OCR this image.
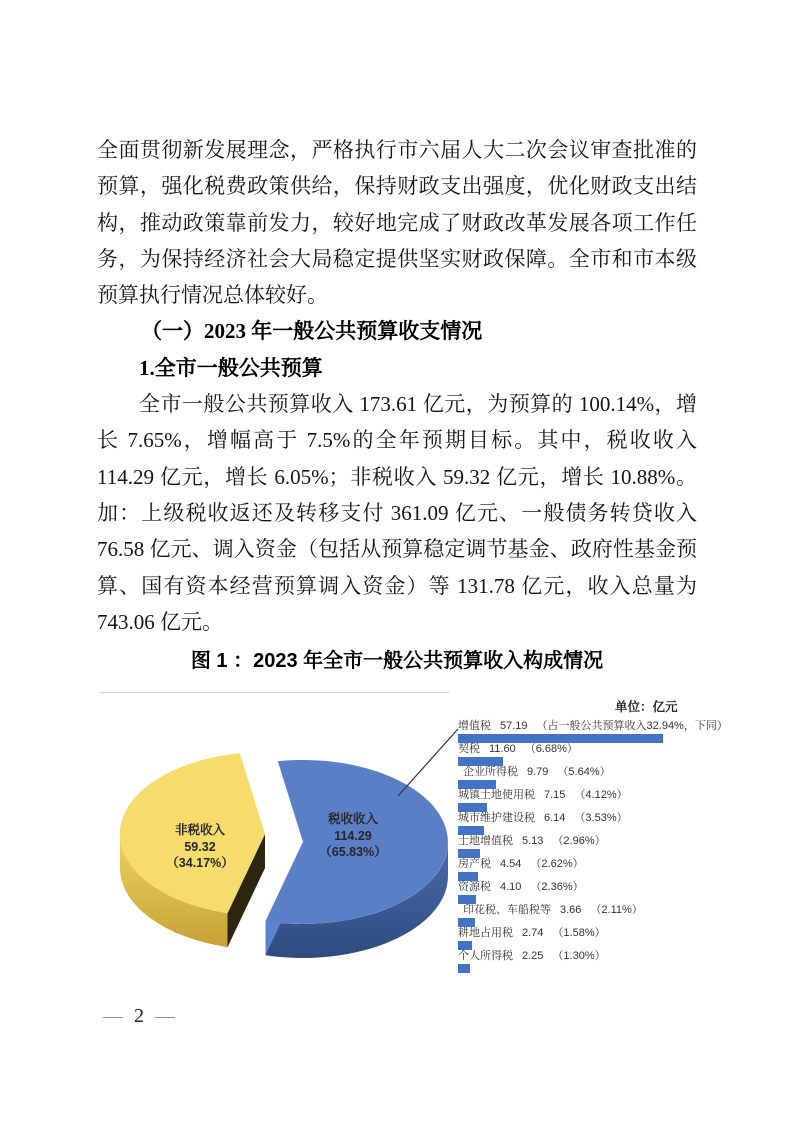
全面贯彻新发展理念，严格执行市六届人大二次会议审查批准的预算，强化税费政策供给，保持财政支出强度，优化财政支出结构，推动政策靠前发力，较好地完成了财政改革发展各项工作任务，为保持经济社会大局稳定提供坚实财政保障。全市和市本级预算执行情况总体较好。

（一）2023 年一般公共预算收支情况
1.全市一般公共预算

全市一般公共预算收入 173.61 亿元，为预算的 100.14%，增长 7.65%，增幅高于 7.5%的全年预期目标。其中，税收收入 114.29 亿元，增长 6.05%；非税收入 59.32 亿元，增长 10.88%。加：上级税收返还及转移支付 361.09 亿元、一般债务转贷收入 76.58 亿元、调入资金（包括从预算稳定调节基金、政府性基金预算、国有资本经营预算调入资金）等 131.78 亿元，收入总量为 743.06 亿元。

图 1 ：2023 年全市一般公共预算收入构成情况
单位：亿元
税收收入
114.29
（65.83%）
非税收入
59.32
（34.17%）
增值税 57.19 （占一般公共预算收入32.94%，下同）
契税 11.60 （6.68%）
企业所得税 9.79 （5.64%）
城镇土地使用税 7.15 （4.12%）
城市维护建设税 6.14 （3.53%）
土地增值税 5.13 （2.96%）
房产税 4.54 （2.62%）
资源税 4.10 （2.36%）
印花税、车船税等 3.66 （2.11%）
耕地占用税 2.74 （1.58%）
个人所得税 2.25 （1.30%）
— 2 —
